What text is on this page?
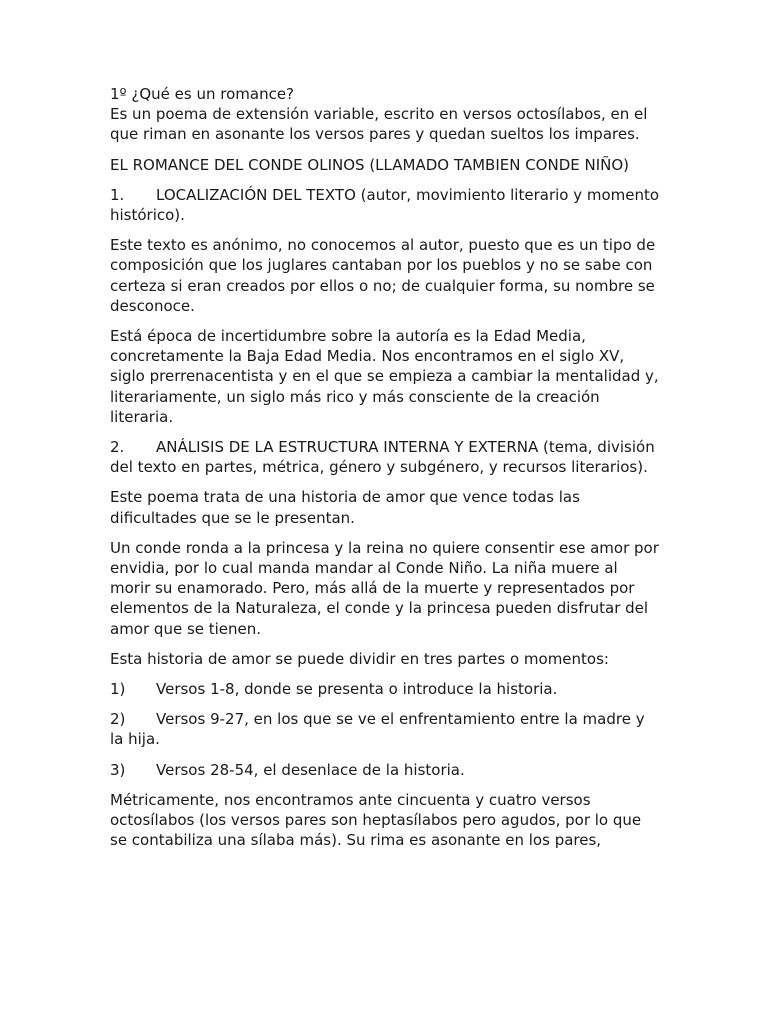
1º ¿Qué es un romance?
Es un poema de extensión variable, escrito en versos octosílabos, en el que riman en asonante los versos pares y quedan sueltos los impares.

EL ROMANCE DEL CONDE OLINOS (LLAMADO TAMBIEN CONDE NIÑO)

1. LOCALIZACIÓN DEL TEXTO (autor, movimiento literario y momento histórico).

Este texto es anónimo, no conocemos al autor, puesto que es un tipo de composición que los juglares cantaban por los pueblos y no se sabe con certeza si eran creados por ellos o no; de cualquier forma, su nombre se desconoce.

Está época de incertidumbre sobre la autoría es la Edad Media, concretamente la Baja Edad Media. Nos encontramos en el siglo XV, siglo prerrenacentista y en el que se empieza a cambiar la mentalidad y, literariamente, un siglo más rico y más consciente de la creación literaria.

2. ANÁLISIS DE LA ESTRUCTURA INTERNA Y EXTERNA (tema, división del texto en partes, métrica, género y subgénero, y recursos literarios).

Este poema trata de una historia de amor que vence todas las dificultades que se le presentan.

Un conde ronda a la princesa y la reina no quiere consentir ese amor por envidia, por lo cual manda mandar al Conde Niño. La niña muere al morir su enamorado. Pero, más allá de la muerte y representados por elementos de la Naturaleza, el conde y la princesa pueden disfrutar del amor que se tienen.

Esta historia de amor se puede dividir en tres partes o momentos:

1) Versos 1-8, donde se presenta o introduce la historia.

2) Versos 9-27, en los que se ve el enfrentamiento entre la madre y la hija.

3) Versos 28-54, el desenlace de la historia.

Métricamente, nos encontramos ante cincuenta y cuatro versos octosílabos (los versos pares son heptasílabos pero agudos, por lo que se contabiliza una sílaba más). Su rima es asonante en los pares,
